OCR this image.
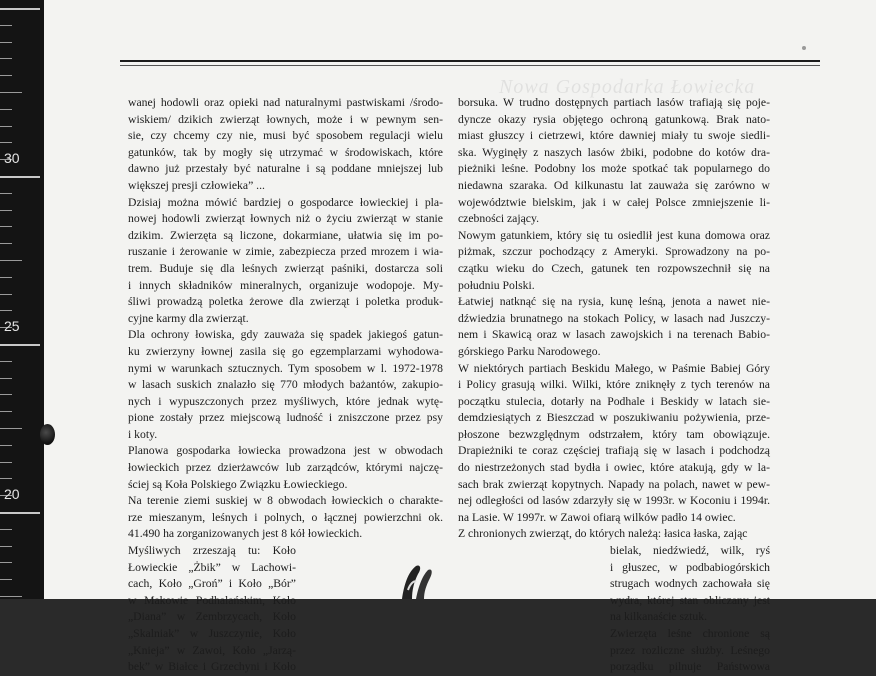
30
25
20
Nowa Gospodarka Łowiecka
wanej hodowli oraz opieki nad naturalnymi pastwiskami /środo-
wiskiem/ dzikich zwierząt łownych, może i w pewnym sen-
sie, czy chcemy czy nie, musi być sposobem regulacji wielu
gatunków, tak by mogły się utrzymać w środowiskach, które
dawno już przestały być naturalne i są poddane mniejszej lub
większej presji człowieka” ...
Dzisiaj można mówić bardziej o gospodarce łowieckiej i pla-
nowej hodowli zwierząt łownych niż o życiu zwierząt w stanie
dzikim. Zwierzęta są liczone, dokarmiane, ułatwia się im po-
ruszanie i żerowanie w zimie, zabezpiecza przed mrozem i wia-
trem. Buduje się dla leśnych zwierząt paśniki, dostarcza soli
i innych składników mineralnych, organizuje wodopoje. My-
śliwi prowadzą poletka żerowe dla zwierząt i poletka produk-
cyjne karmy dla zwierząt.
Dla ochrony łowiska, gdy zauważa się spadek jakiegoś gatun-
ku zwierzyny łownej zasila się go egzemplarzami wyhodowa-
nymi w warunkach sztucznych. Tym sposobem w l. 1972-1978
w lasach suskich znalazło się 770 młodych bażantów, zakupio-
nych i wypuszczonych przez myśliwych, które jednak wytę-
pione zostały przez miejscową ludność i zniszczone przez psy
i koty.
Planowa gospodarka łowiecka prowadzona jest w obwodach
łowieckich przez dzierżawców lub zarządców, którymi najczę-
ściej są Koła Polskiego Związku Łowieckiego.
Na terenie ziemi suskiej w 8 obwodach łowieckich o charakte-
rze mieszanym, leśnych i polnych, o łącznej powierzchni ok.
41.490 ha zorganizowanych jest 8 kół łowieckich.
Myśliwych zrzeszają tu: Koło
Łowieckie „Żbik” w Lachowi-
cach, Koło „Groń” i Koło „Bór”
w Makowie Podhalańskim, Koło
„Diana” w Zembrzycach, Koło
„Skalniak” w Juszczynie, Koło
„Knieja” w Zawoi, Koło „Jarzą-
bek” w Białce i Grzechyni i Koło
borsuka. W trudno dostępnych partiach lasów trafiają się poje-
dyncze okazy rysia objętego ochroną gatunkową. Brak nato-
miast głuszcy i cietrzewi, które dawniej miały tu swoje siedli-
ska. Wyginęły z naszych lasów żbiki, podobne do kotów dra-
pieżniki leśne. Podobny los może spotkać tak popularnego do
niedawna szaraka. Od kilkunastu lat zauważa się zarówno w
województwie bielskim, jak i w całej Polsce zmniejszenie li-
czebności zający.
Nowym gatunkiem, który się tu osiedlił jest kuna domowa oraz
piżmak, szczur pochodzący z Ameryki. Sprowadzony na po-
czątku wieku do Czech, gatunek ten rozpowszechnił się na
południu Polski.
Łatwiej natknąć się na rysia, kunę leśną, jenota a nawet nie-
dźwiedzia brunatnego na stokach Policy, w lasach nad Juszczy-
nem i Skawicą oraz w lasach zawojskich i na terenach Babio-
górskiego Parku Narodowego.
W niektórych partiach Beskidu Małego, w Paśmie Babiej Góry
i Policy grasują wilki. Wilki, które zniknęły z tych terenów na
początku stulecia, dotarły na Podhale i Beskidy w latach sie-
demdziesiątych z Bieszczad w poszukiwaniu pożywienia, prze-
płoszone bezwzględnym odstrzałem, który tam obowiązuje.
Drapieżniki te coraz częściej trafiają się w lasach i podchodzą
do niestrzeżonych stad bydła i owiec, które atakują, gdy w la-
sach brak zwierząt kopytnych. Napady na polach, nawet w pew-
nej odległości od lasów zdarzyły się w 1993r. w Koconiu i 1994r.
na Lasie. W 1997r. w Zawoi ofiarą wilków padło 14 owiec.
Z chronionych zwierząt, do których należą: łasica łaska, zając
bielak, niedźwiedź, wilk, ryś
i głuszec, w podbabiogórskich
strugach wodnych zachowała się
wydra, której stan obliczany jest
na kilkanaście sztuk.
Zwierzęta leśne chronione są
przez rozliczne służby. Leśnego
porządku pilnuje Państwowa
